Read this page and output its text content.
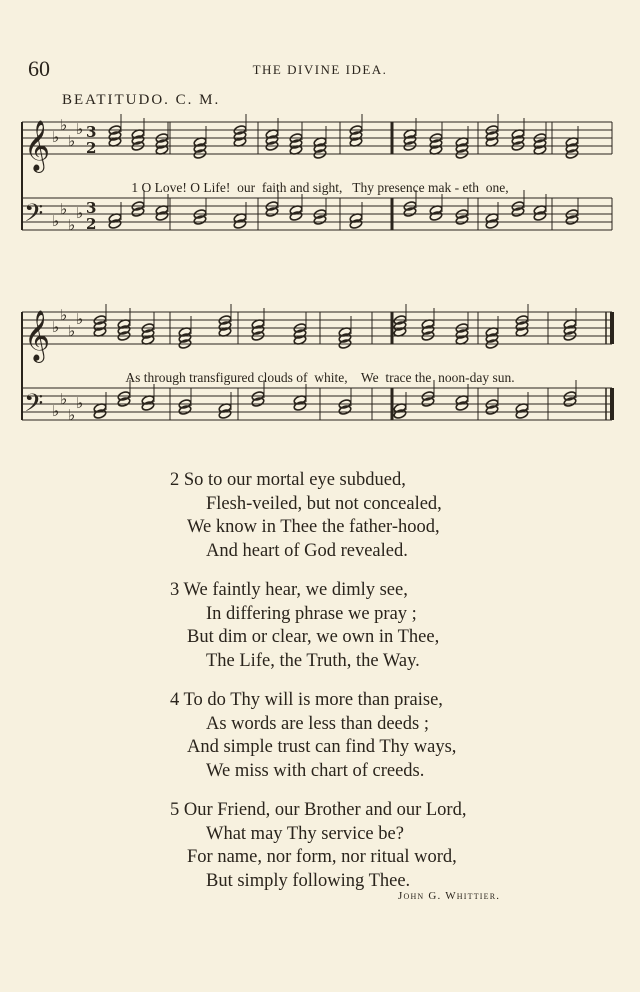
60	THE DIVINE IDEA.
BEATITUDO. C. M.
𝄞 ♭
♭
♭
♭ 3
2
𝄢 ♭
♭
♭
♭ 3
2
1 O Love! O Life!  our  faith and sight,   Thy presence mak - eth  one,
𝄞 ♭
♭
♭
♭
𝄢 ♭
♭
♭
♭
As through transfigured clouds of  white,    We  trace the  noon-day sun.
2 So to our mortal eye subdued,
Flesh-veiled, but not concealed,
We know in Thee the father-hood,
And heart of God revealed.
3 We faintly hear, we dimly see,
In differing phrase we pray ;
But dim or clear, we own in Thee,
The Life, the Truth, the Way.
4 To do Thy will is more than praise,
As words are less than deeds ;
And simple trust can find Thy ways,
We miss with chart of creeds.
5 Our Friend, our Brother and our Lord,
What may Thy service be?
For name, nor form, nor ritual word,
But simply following Thee.
John G. Whittier.
